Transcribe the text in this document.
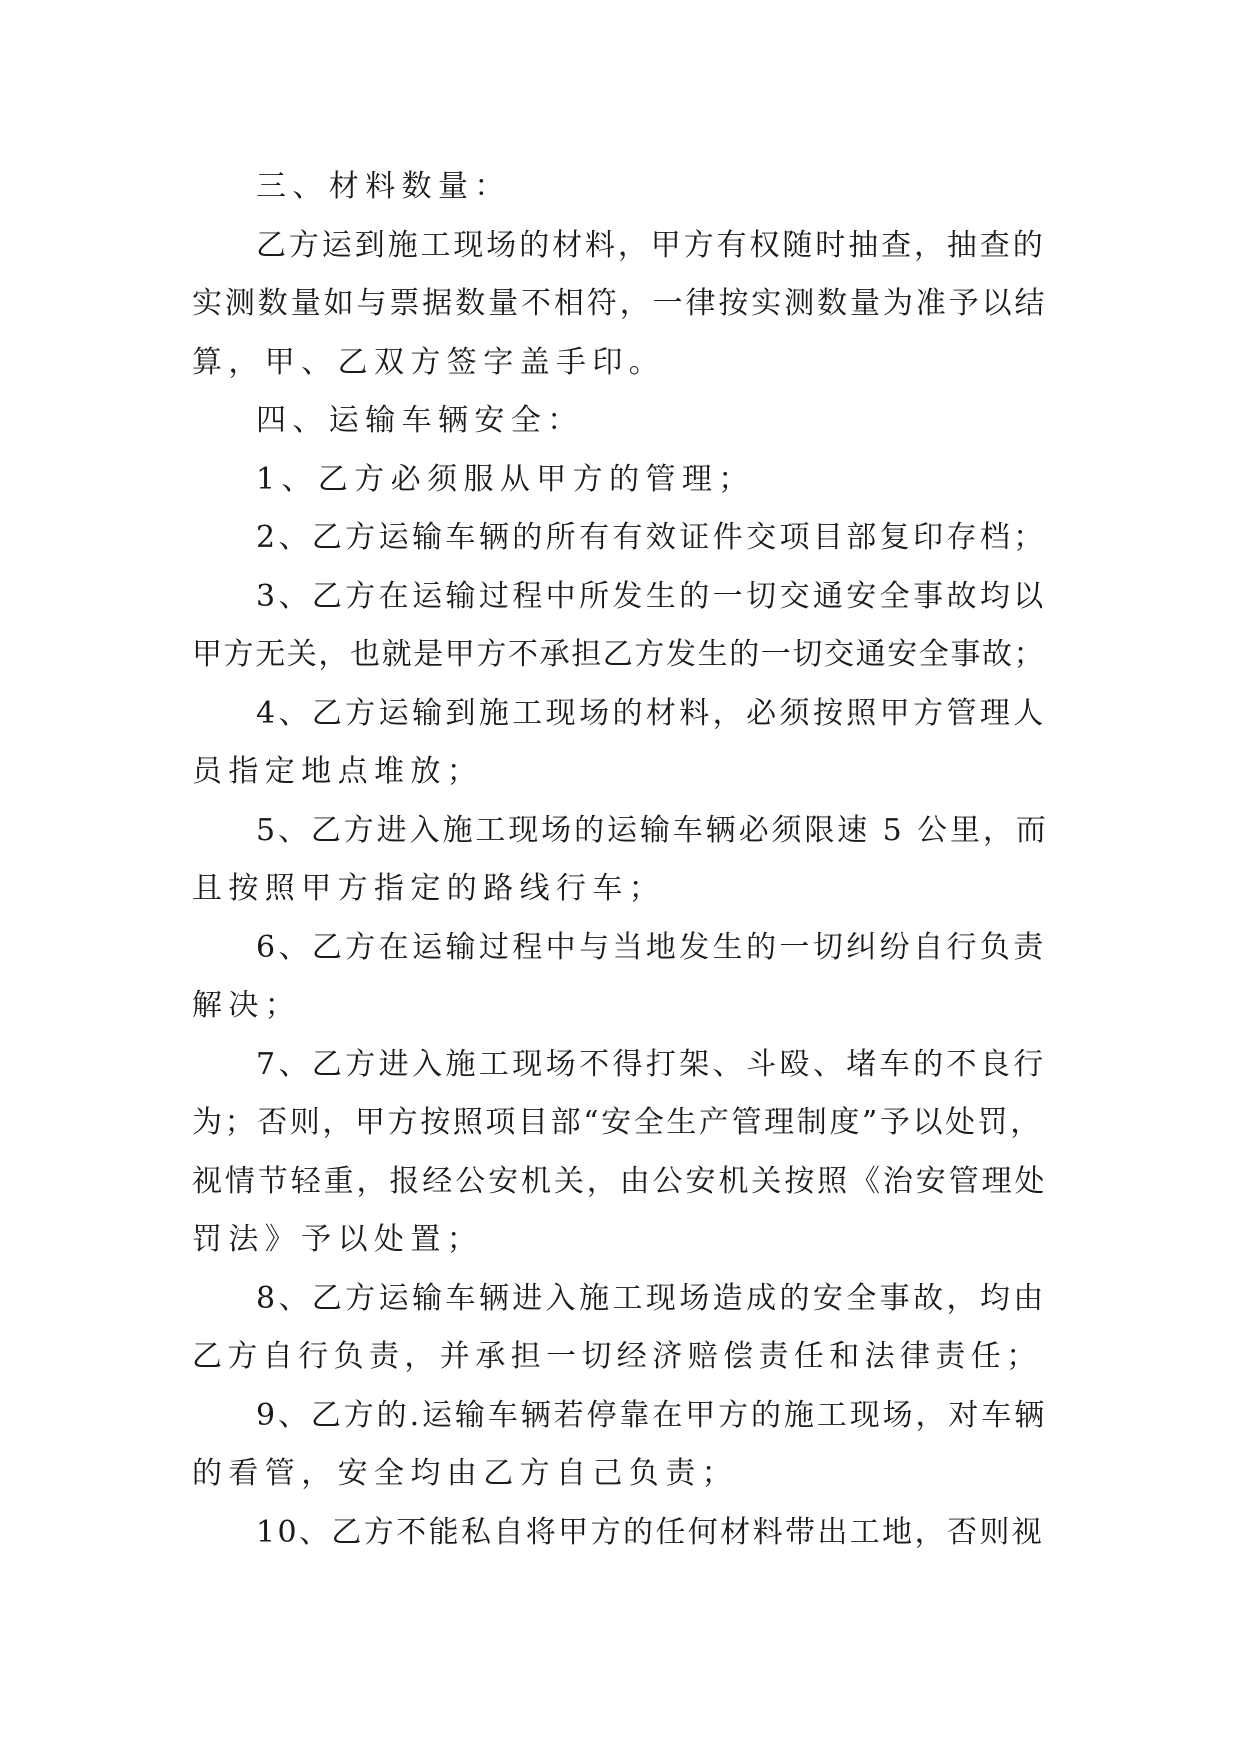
三、材料数量：
乙方运到施工现场的材料，甲方有权随时抽查，抽查的
实测数量如与票据数量不相符，一律按实测数量为准予以结
算，甲、乙双方签字盖手印。
四、运输车辆安全：
1、乙方必须服从甲方的管理；
2、乙方运输车辆的所有有效证件交项目部复印存档；
3、乙方在运输过程中所发生的一切交通安全事故均以
甲方无关，也就是甲方不承担乙方发生的一切交通安全事故；
4、乙方运输到施工现场的材料，必须按照甲方管理人
员指定地点堆放；
5、乙方进入施工现场的运输车辆必须限速 5 公里，而
且按照甲方指定的路线行车；
6、乙方在运输过程中与当地发生的一切纠纷自行负责
解决；
7、乙方进入施工现场不得打架、斗殴、堵车的不良行
为；否则，甲方按照项目部“安全生产管理制度”予以处罚，
视情节轻重，报经公安机关，由公安机关按照《治安管理处
罚法》予以处置；
8、乙方运输车辆进入施工现场造成的安全事故，均由
乙方自行负责，并承担一切经济赔偿责任和法律责任；
9、乙方的.运输车辆若停靠在甲方的施工现场，对车辆
的看管，安全均由乙方自己负责；
10、乙方不能私自将甲方的任何材料带出工地，否则视
